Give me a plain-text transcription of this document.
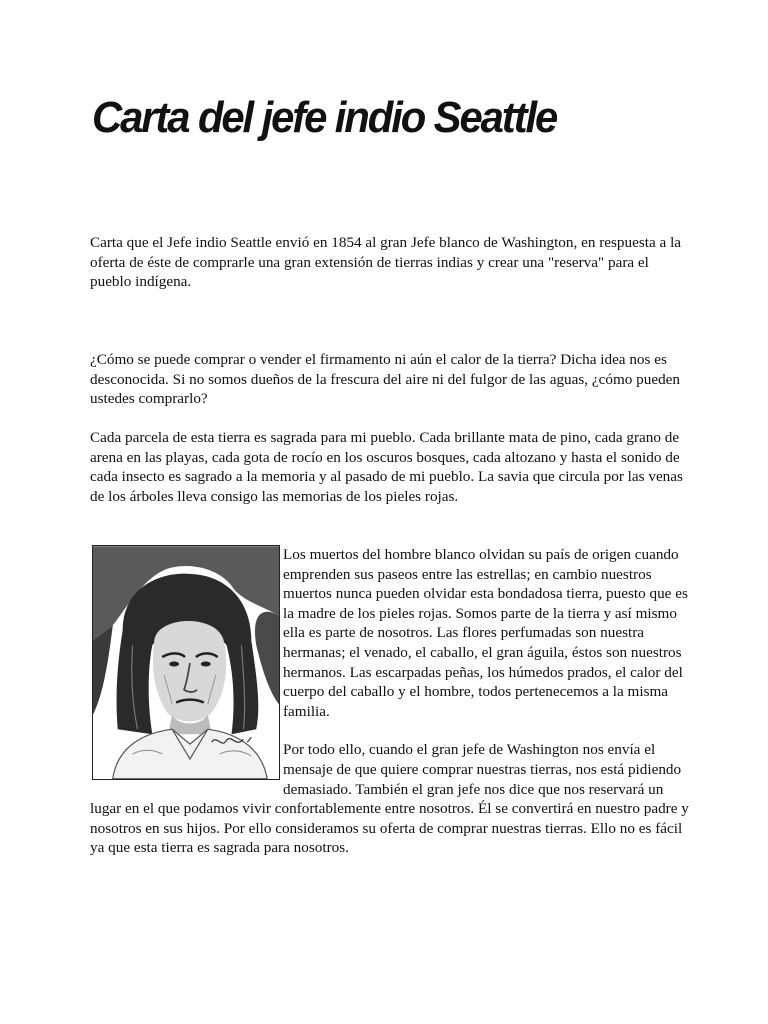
Carta del jefe indio Seattle

Carta que el Jefe indio Seattle envió en 1854 al gran Jefe blanco de Washington, en respuesta a la oferta de éste de comprarle una gran extensión de tierras indias y crear una "reserva" para el pueblo indígena.

¿Cómo se puede comprar o vender el firmamento ni aún el calor de la tierra? Dicha idea nos es desconocida. Si no somos dueños de la frescura del aire ni del fulgor de las aguas, ¿cómo pueden ustedes comprarlo?

Cada parcela de esta tierra es sagrada para mi pueblo. Cada brillante mata de pino, cada grano de arena en las playas, cada gota de rocío en los oscuros bosques, cada altozano y hasta el sonido de cada insecto es sagrado a la memoria y al pasado de mi pueblo. La savia que circula por las venas de los árboles lleva consigo las memorias de los pieles rojas.

Los muertos del hombre blanco olvidan su país de origen cuando emprenden sus paseos entre las estrellas; en cambio nuestros muertos nunca pueden olvidar esta bondadosa tierra, puesto que es la madre de los pieles rojas. Somos parte de la tierra y así mismo ella es parte de nosotros. Las flores perfumadas son nuestra hermanas; el venado, el caballo, el gran águila, éstos son nuestros hermanos. Las escarpadas peñas, los húmedos prados, el calor del cuerpo del caballo y el hombre, todos pertenecemos a la misma familia.

Por todo ello, cuando el gran jefe de Washington nos envía el mensaje de que quiere comprar nuestras tierras, nos está pidiendo demasiado. También el gran jefe nos dice que nos reservará un lugar en el que podamos vivir confortablemente entre nosotros. Él se convertirá en nuestro padre y nosotros en sus hijos. Por ello consideramos su oferta de comprar nuestras tierras. Ello no es fácil ya que esta tierra es sagrada para nosotros.
